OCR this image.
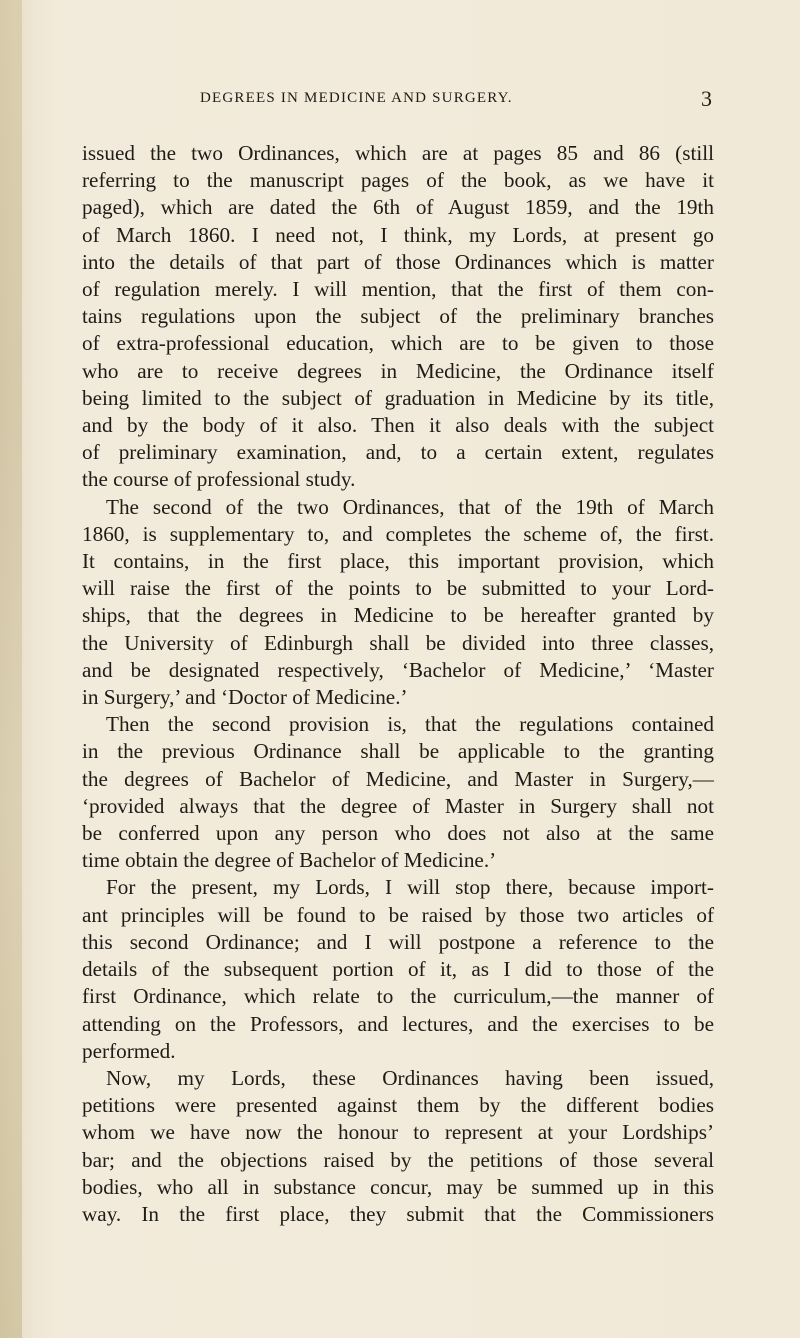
DEGREES IN MEDICINE AND SURGERY.	3
issued the two Ordinances, which are at pages 85 and 86 (still
referring to the manuscript pages of the book, as we have it
paged), which are dated the 6th of August 1859, and the 19th
of March 1860. I need not, I think, my Lords, at present go
into the details of that part of those Ordinances which is matter
of regulation merely. I will mention, that the first of them con-
tains regulations upon the subject of the preliminary branches
of extra-professional education, which are to be given to those
who are to receive degrees in Medicine, the Ordinance itself
being limited to the subject of graduation in Medicine by its title,
and by the body of it also. Then it also deals with the subject
of preliminary examination, and, to a certain extent, regulates
the course of professional study.
The second of the two Ordinances, that of the 19th of March
1860, is supplementary to, and completes the scheme of, the first.
It contains, in the first place, this important provision, which
will raise the first of the points to be submitted to your Lord-
ships, that the degrees in Medicine to be hereafter granted by
the University of Edinburgh shall be divided into three classes,
and be designated respectively, ‘Bachelor of Medicine,’ ‘Master
in Surgery,’ and ‘Doctor of Medicine.’
Then the second provision is, that the regulations contained
in the previous Ordinance shall be applicable to the granting
the degrees of Bachelor of Medicine, and Master in Surgery,—
‘provided always that the degree of Master in Surgery shall not
be conferred upon any person who does not also at the same
time obtain the degree of Bachelor of Medicine.’
For the present, my Lords, I will stop there, because import-
ant principles will be found to be raised by those two articles of
this second Ordinance; and I will postpone a reference to the
details of the subsequent portion of it, as I did to those of the
first Ordinance, which relate to the curriculum,—the manner of
attending on the Professors, and lectures, and the exercises to be
performed.
Now, my Lords, these Ordinances having been issued,
petitions were presented against them by the different bodies
whom we have now the honour to represent at your Lordships’
bar; and the objections raised by the petitions of those several
bodies, who all in substance concur, may be summed up in this
way. In the first place, they submit that the Commissioners
